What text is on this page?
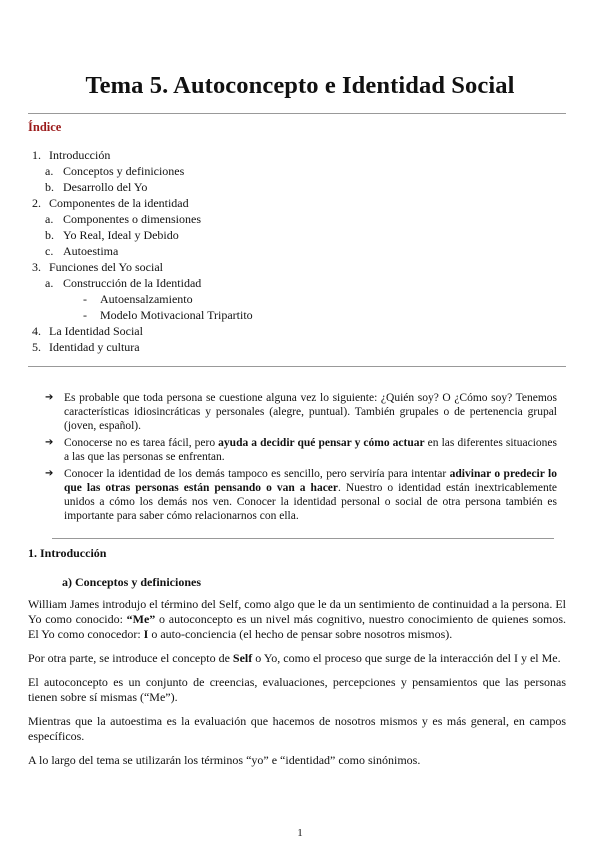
Tema 5. Autoconcepto e Identidad Social
Índice
1. Introducción
a. Conceptos y definiciones
b. Desarrollo del Yo
2. Componentes de la identidad
a. Componentes o dimensiones
b. Yo Real, Ideal y Debido
c. Autoestima
3. Funciones del Yo social
a. Construcción de la Identidad
- Autoensalzamiento
- Modelo Motivacional Tripartito
4. La Identidad Social
5. Identidad y cultura
➔ Es probable que toda persona se cuestione alguna vez lo siguiente: ¿Quién soy? O ¿Cómo soy? Tenemos características idiosincráticas y personales (alegre, puntual). También grupales o de pertenencia grupal (joven, español).
➔ Conocerse no es tarea fácil, pero ayuda a decidir qué pensar y cómo actuar en las diferentes situaciones a las que las personas se enfrentan.
➔ Conocer la identidad de los demás tampoco es sencillo, pero serviría para intentar adivinar o predecir lo que las otras personas están pensando o van a hacer. Nuestro o identidad están inextricablemente unidos a cómo los demás nos ven. Conocer la identidad personal o social de otra persona también es importante para saber cómo relacionarnos con ella.
1. Introducción
a) Conceptos y definiciones

William James introdujo el término del Self, como algo que le da un sentimiento de continuidad a la persona. El Yo como conocido: “Me” o autoconcepto es un nivel más cognitivo, nuestro conocimiento de quienes somos. El Yo como conocedor: I o auto-conciencia (el hecho de pensar sobre nosotros mismos).

Por otra parte, se introduce el concepto de Self o Yo, como el proceso que surge de la interacción del I y el Me.

El autoconcepto es un conjunto de creencias, evaluaciones, percepciones y pensamientos que las personas tienen sobre sí mismas (“Me”).

Mientras que la autoestima es la evaluación que hacemos de nosotros mismos y es más general, en campos específicos.

A lo largo del tema se utilizarán los términos “yo” e “identidad” como sinónimos.

1
